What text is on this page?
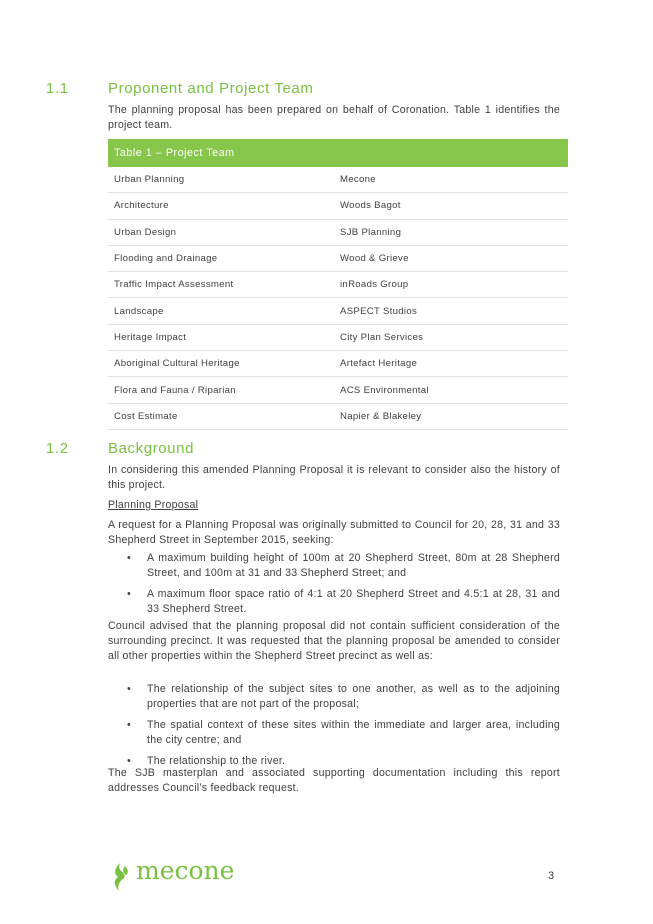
1.1	Proponent and Project Team

The planning proposal has been prepared on behalf of Coronation. Table 1 identifies the project team.

Table 1 – Project Team	
Urban Planning	Mecone
Architecture	Woods Bagot
Urban Design	SJB Planning
Flooding and Drainage	Wood & Grieve
Traffic Impact Assessment	inRoads Group
Landscape	ASPECT Studios
Heritage Impact	City Plan Services
Aboriginal Cultural Heritage	Artefact Heritage
Flora and Fauna / Riparian	ACS Environmental
Cost Estimate	Napier & Blakeley
1.2	Background

In considering this amended Planning Proposal it is relevant to consider also the history of this project.

Planning Proposal

A request for a Planning Proposal was originally submitted to Council for 20, 28, 31 and 33 Shepherd Street in September 2015, seeking:

• A maximum building height of 100m at 20 Shepherd Street, 80m at 28 Shepherd Street, and 100m at 31 and 33 Shepherd Street; and
• A maximum floor space ratio of 4:1 at 20 Shepherd Street and 4.5:1 at 28, 31 and 33 Shepherd Street.

Council advised that the planning proposal did not contain sufficient consideration of the surrounding precinct. It was requested that the planning proposal be amended to consider all other properties within the Shepherd Street precinct as well as:

• The relationship of the subject sites to one another, as well as to the adjoining properties that are not part of the proposal;
• The spatial context of these sites within the immediate and larger area, including the city centre; and
• The relationship to the river.

The SJB masterplan and associated supporting documentation including this report addresses Council’s feedback request.

mecone	3
